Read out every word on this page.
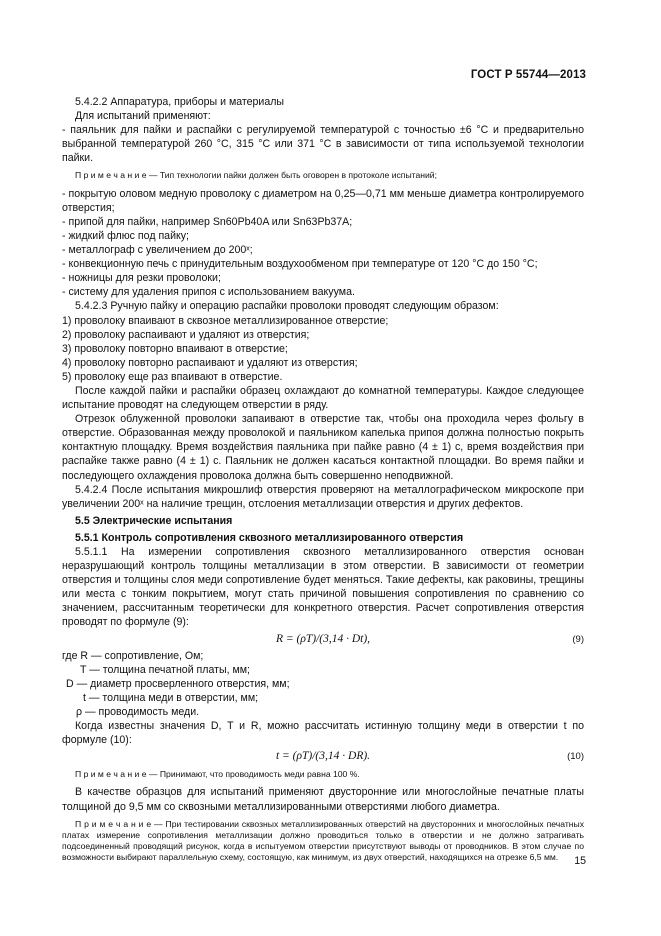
ГОСТ Р 55744—2013

5.4.2.2 Аппаратура, приборы и материалы

Для испытаний применяют:

- паяльник для пайки и распайки с регулируемой температурой с точностью ±6 °С и предварительно выбранной температурой 260 °С, 315 °С или 371 °С в зависимости от типа используемой технологии пайки.

П р и м е ч а н и е — Тип технологии пайки должен быть оговорен в протоколе испытаний;

- покрытую оловом медную проволоку с диаметром на 0,25—0,71 мм меньше диаметра контролируемого отверстия;

- припой для пайки, например Sn60Pb40A или Sn63Pb37A;

- жидкий флюс под пайку;

- металлограф с увеличением до 200ˣ;

- конвекционную печь с принудительным воздухообменом при температуре от 120 °С до 150 °С;

- ножницы для резки проволоки;

- систему для удаления припоя с использованием вакуума.

5.4.2.3 Ручную пайку и операцию распайки проволоки проводят следующим образом:

1) проволоку впаивают в сквозное металлизированное отверстие;

2) проволоку распаивают и удаляют из отверстия;

3) проволоку повторно впаивают в отверстие;

4) проволоку повторно распаивают и удаляют из отверстия;

5) проволоку еще раз впаивают в отверстие.

После каждой пайки и распайки образец охлаждают до комнатной температуры. Каждое следующее испытание проводят на следующем отверстии в ряду.

Отрезок облуженной проволоки запаивают в отверстие так, чтобы она проходила через фольгу в отверстие. Образованная между проволокой и паяльником капелька припоя должна полностью покрыть контактную площадку. Время воздействия паяльника при пайке равно (4 ± 1) с, время воздействия при распайке также равно (4 ± 1) с. Паяльник не должен касаться контактной площадки. Во время пайки и последующего охлаждения проволока должна быть совершенно неподвижной.

5.4.2.4 После испытания микрошлиф отверстия проверяют на металлографическом микроскопе при увеличении 200ˣ на наличие трещин, отслоения металлизации отверстия и других дефектов.

5.5 Электрические испытания

5.5.1 Контроль сопротивления сквозного металлизированного отверстия

5.5.1.1 На измерении сопротивления сквозного металлизированного отверстия основан неразрушающий контроль толщины металлизации в этом отверстии. В зависимости от геометрии отверстия и толщины слоя меди сопротивление будет меняться. Такие дефекты, как раковины, трещины или места с тонким покрытием, могут стать причиной повышения сопротивления по сравнению со значением, рассчитанным теоретически для конкретного отверстия. Расчет сопротивления отверстия проводят по формуле (9):

R = (ρT)/(3,14 · Dt),	(9)

где R — сопротивление, Ом;

T — толщина печатной платы, мм;

D — диаметр просверленного отверстия, мм;

t — толщина меди в отверстии, мм;

ρ — проводимость меди.

Когда известны значения D, T и R, можно рассчитать истинную толщину меди в отверстии t по формуле (10):

t = (ρT)/(3,14 · DR).	(10)

П р и м е ч а н и е — Принимают, что проводимость меди равна 100 %.

В качестве образцов для испытаний применяют двусторонние или многослойные печатные платы толщиной до 9,5 мм со сквозными металлизированными отверстиями любого диаметра.

П р и м е ч а н и е — При тестировании сквозных металлизированных отверстий на двусторонних и многослойных печатных платах измерение сопротивления металлизации должно проводиться только в отверстии и не должно затрагивать подсоединенный проводящий рисунок, когда в испытуемом отверстии присутствуют выводы от проводников. В этом случае по возможности выбирают параллельную схему, состоящую, как минимум, из двух отверстий, находящихся на отрезке 6,5 мм.	15
